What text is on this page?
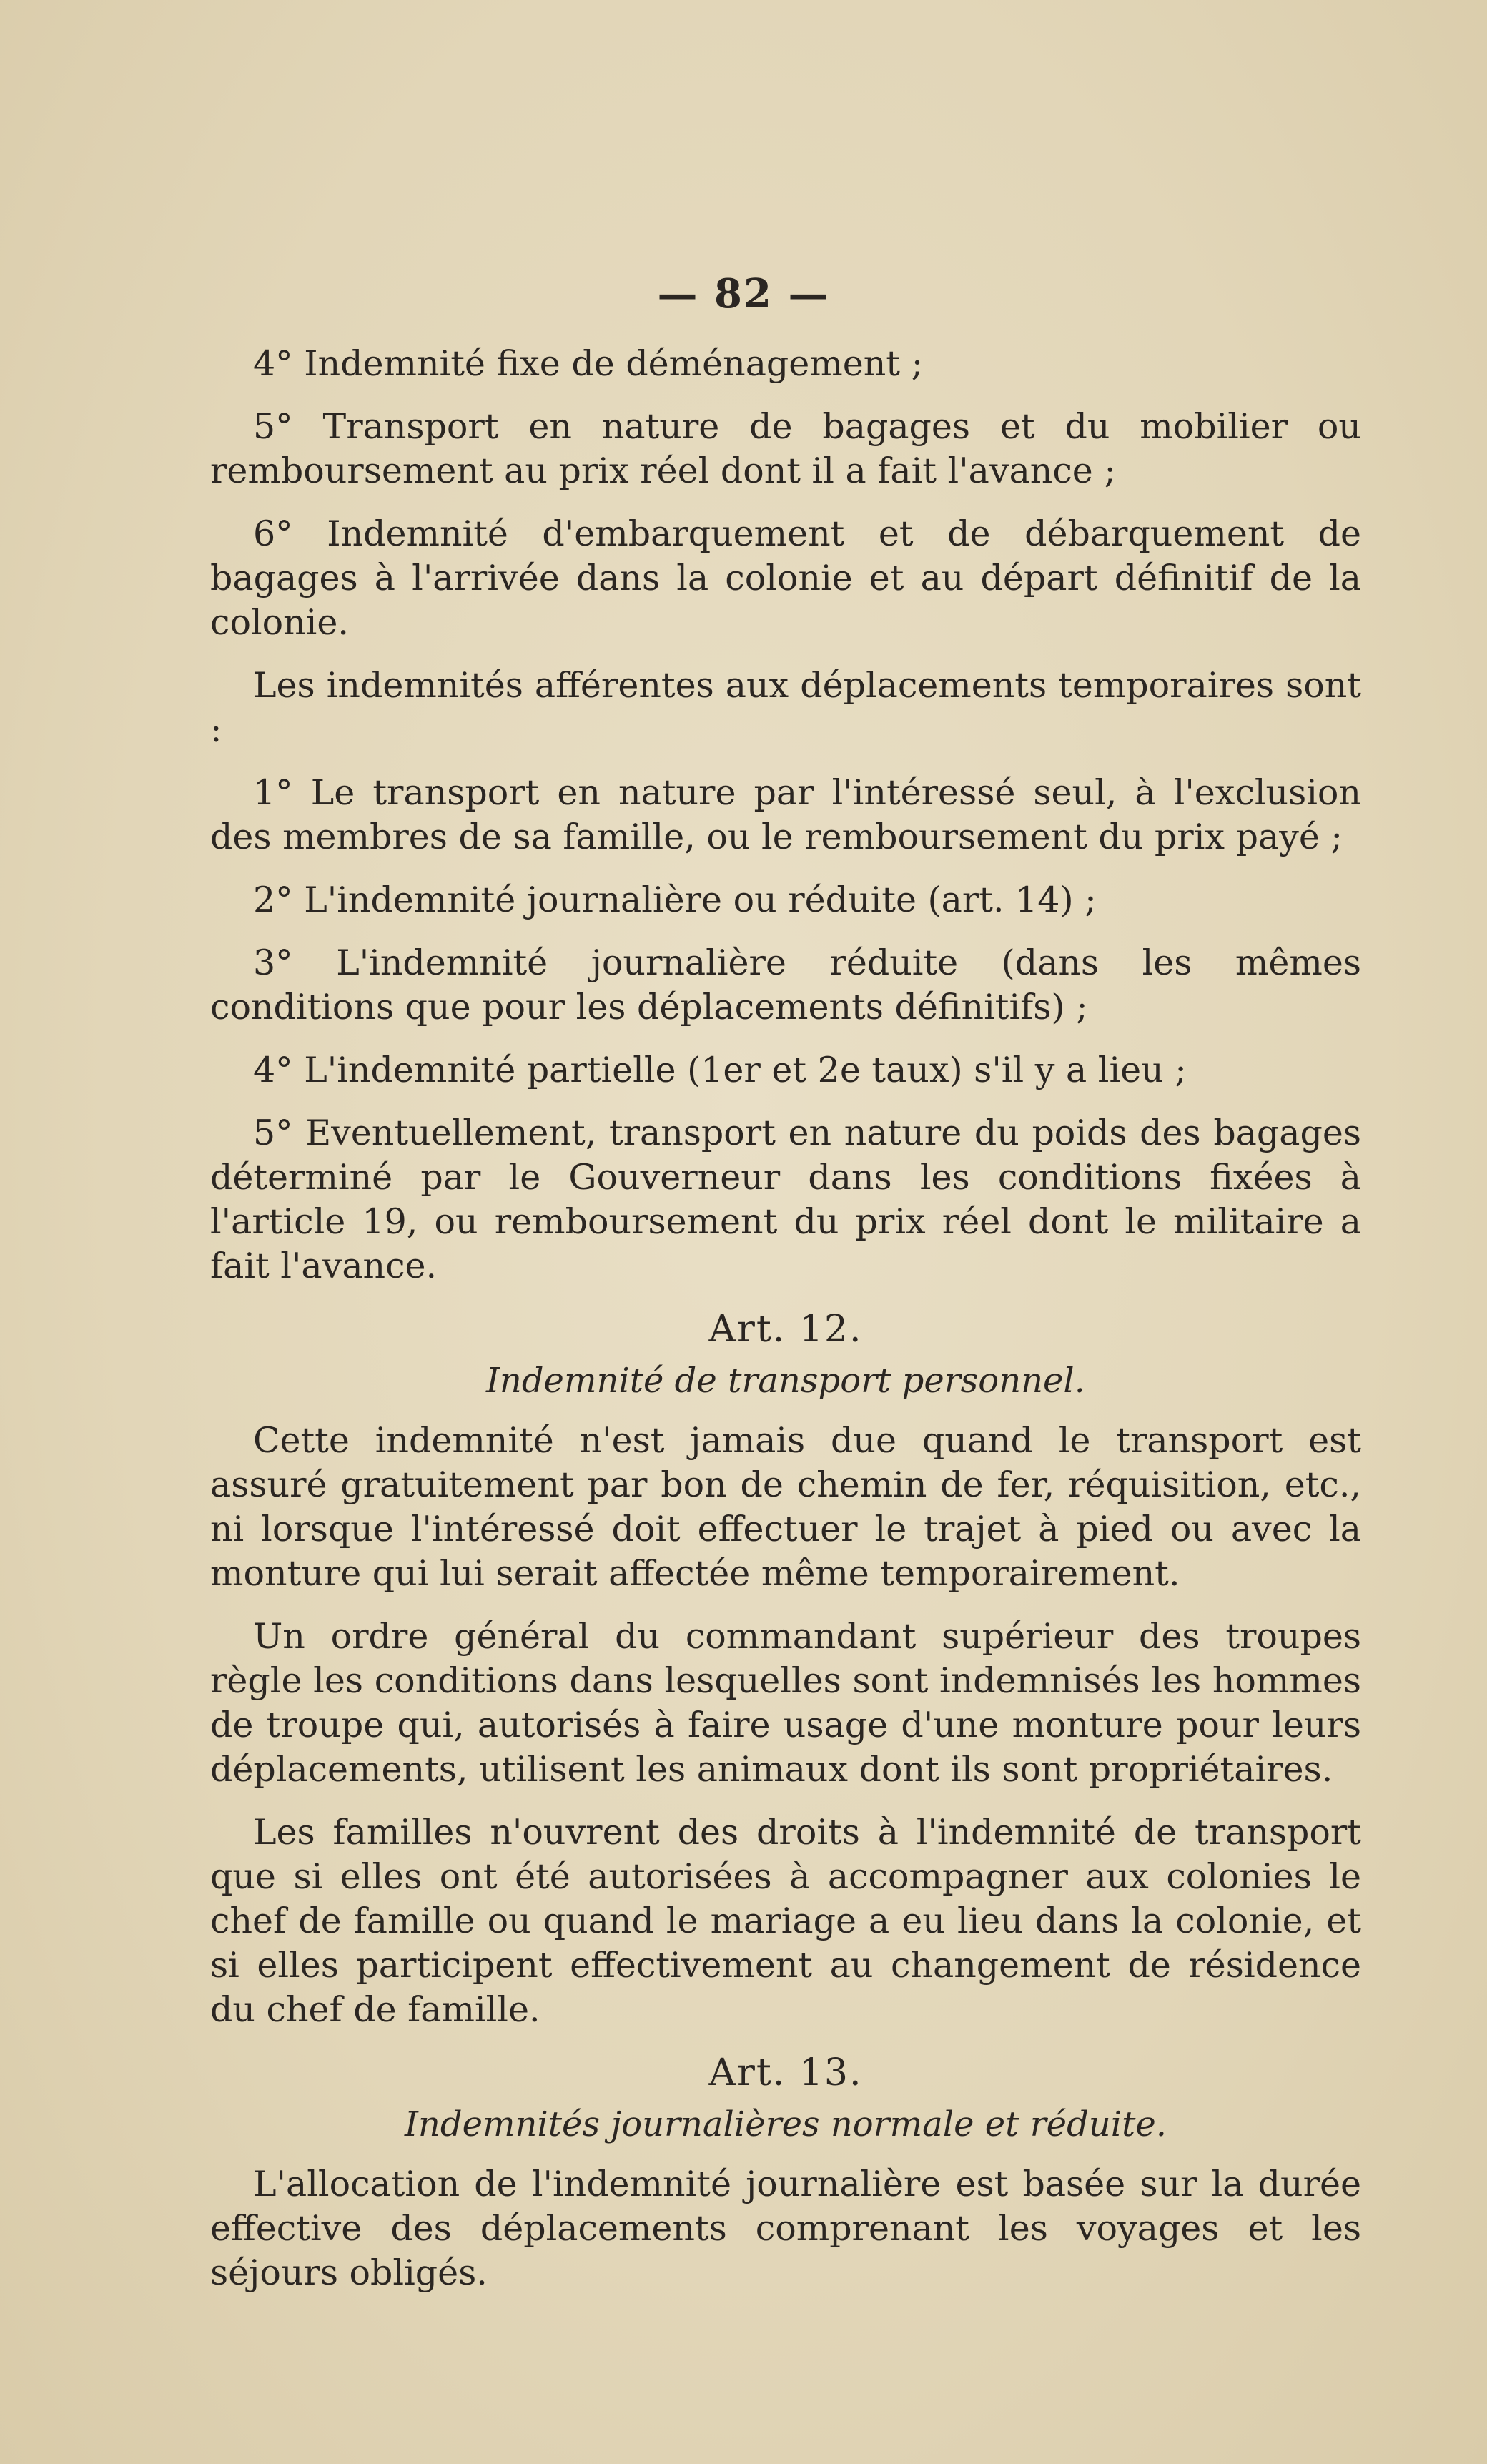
— 82 —

4° Indemnité fixe de déménagement ;

5° Transport en nature de bagages et du mobilier ou remboursement au prix réel dont il a fait l'avance ;

6° Indemnité d'embarquement et de débarquement de bagages à l'arrivée dans la colonie et au départ définitif de la colonie.

Les indemnités afférentes aux déplacements temporaires sont :

1° Le transport en nature par l'intéressé seul, à l'exclusion des membres de sa famille, ou le remboursement du prix payé ;

2° L'indemnité journalière ou réduite (art. 14) ;

3° L'indemnité journalière réduite (dans les mêmes conditions que pour les déplacements définitifs) ;

4° L'indemnité partielle (1er et 2e taux) s'il y a lieu ;

5° Eventuellement, transport en nature du poids des bagages déterminé par le Gouverneur dans les conditions fixées à l'article 19, ou remboursement du prix réel dont le militaire a fait l'avance.

Art. 12.
Indemnité de transport personnel.

Cette indemnité n'est jamais due quand le transport est assuré gratuitement par bon de chemin de fer, réquisition, etc., ni lorsque l'intéressé doit effectuer le trajet à pied ou avec la monture qui lui serait affectée même temporairement.

Un ordre général du commandant supérieur des troupes règle les conditions dans lesquelles sont indemnisés les hommes de troupe qui, autorisés à faire usage d'une monture pour leurs déplacements, utilisent les animaux dont ils sont propriétaires.

Les familles n'ouvrent des droits à l'indemnité de transport que si elles ont été autorisées à accompagner aux colonies le chef de famille ou quand le mariage a eu lieu dans la colonie, et si elles participent effectivement au changement de résidence du chef de famille.

Art. 13.
Indemnités journalières normale et réduite.

L'allocation de l'indemnité journalière est basée sur la durée effective des déplacements comprenant les voyages et les séjours obligés.
